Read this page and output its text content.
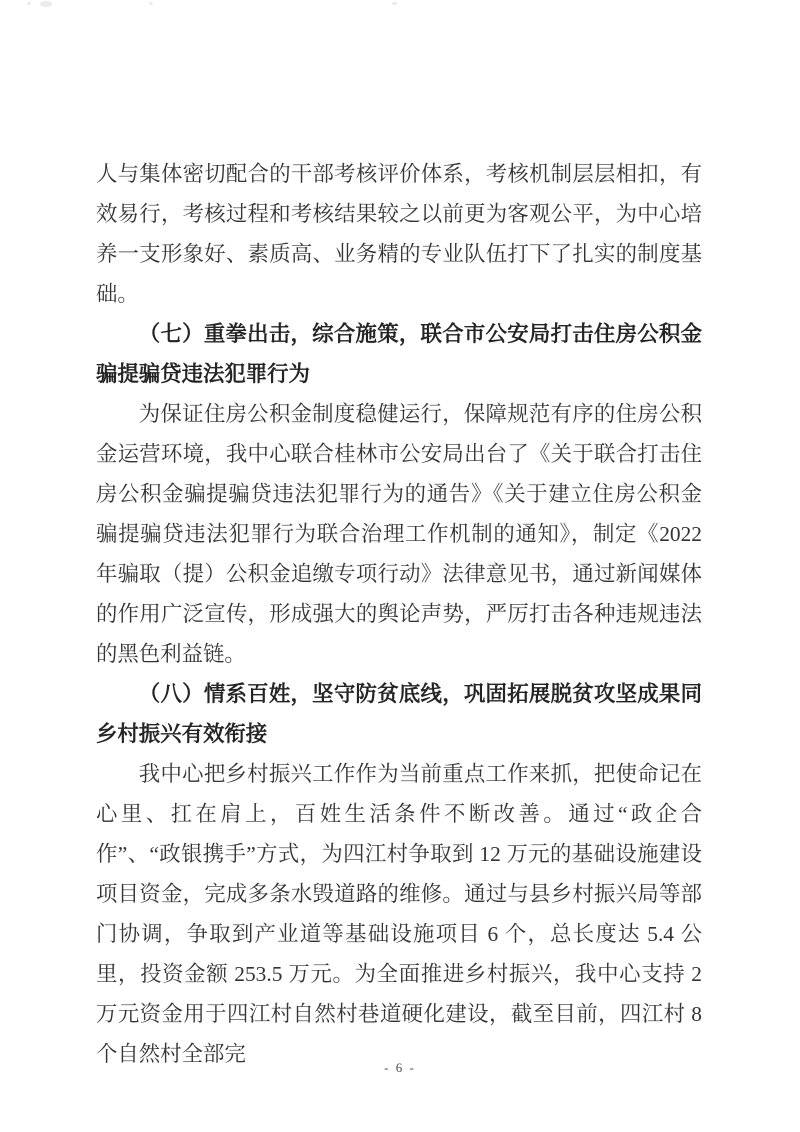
人与集体密切配合的干部考核评价体系，考核机制层层相扣，有效易行，考核过程和考核结果较之以前更为客观公平，为中心培养一支形象好、素质高、业务精的专业队伍打下了扎实的制度基础。

（七）重拳出击，综合施策，联合市公安局打击住房公积金骗提骗贷违法犯罪行为

为保证住房公积金制度稳健运行，保障规范有序的住房公积金运营环境，我中心联合桂林市公安局出台了《关于联合打击住房公积金骗提骗贷违法犯罪行为的通告》《关于建立住房公积金骗提骗贷违法犯罪行为联合治理工作机制的通知》，制定《2022年骗取（提）公积金追缴专项行动》法律意见书，通过新闻媒体的作用广泛宣传，形成强大的舆论声势，严厉打击各种违规违法的黑色利益链。

（八）情系百姓，坚守防贫底线，巩固拓展脱贫攻坚成果同乡村振兴有效衔接

我中心把乡村振兴工作作为当前重点工作来抓，把使命记在心里、扛在肩上，百姓生活条件不断改善。通过“政企合作”、“政银携手”方式，为四江村争取到 12 万元的基础设施建设项目资金，完成多条水毁道路的维修。通过与县乡村振兴局等部门协调，争取到产业道等基础设施项目 6 个，总长度达 5.4 公里，投资金额 253.5 万元。为全面推进乡村振兴，我中心支持 2 万元资金用于四江村自然村巷道硬化建设，截至目前，四江村 8 个自然村全部完

- 6 -
